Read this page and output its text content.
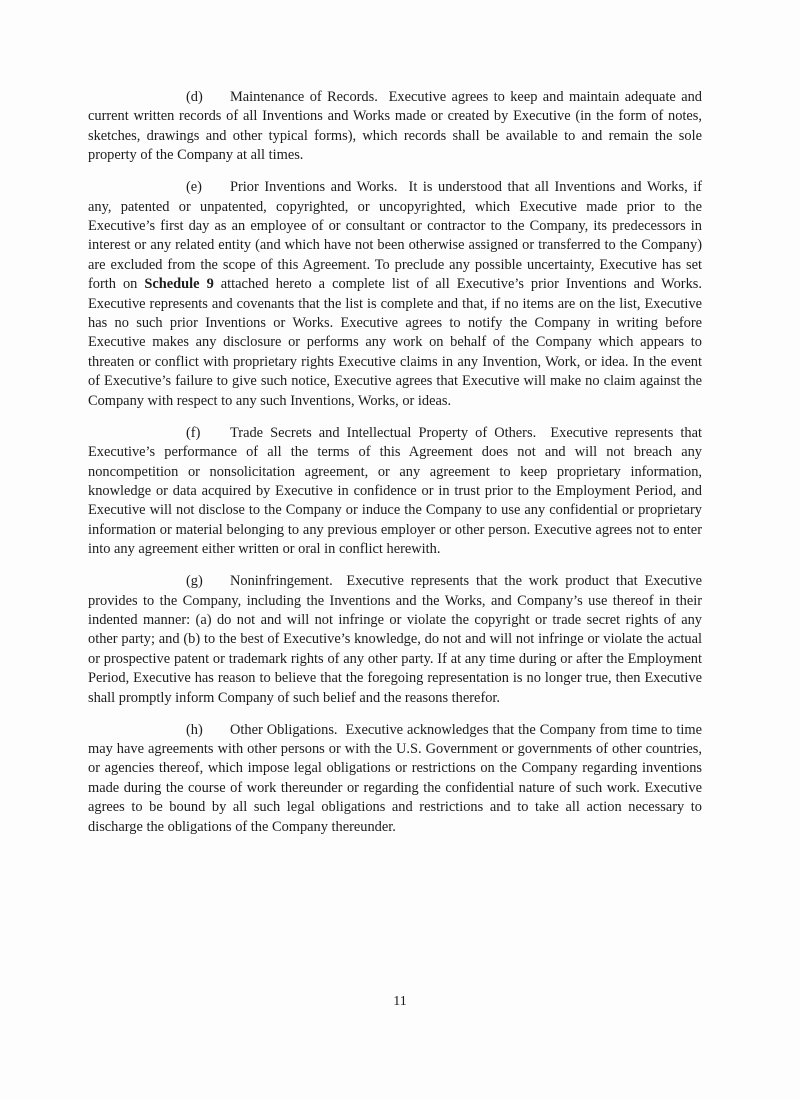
(d) Maintenance of Records. Executive agrees to keep and maintain adequate and current written records of all Inventions and Works made or created by Executive (in the form of notes, sketches, drawings and other typical forms), which records shall be available to and remain the sole property of the Company at all times.

(e) Prior Inventions and Works. It is understood that all Inventions and Works, if any, patented or unpatented, copyrighted, or uncopyrighted, which Executive made prior to the Executive’s first day as an employee of or consultant or contractor to the Company, its predecessors in interest or any related entity (and which have not been otherwise assigned or transferred to the Company) are excluded from the scope of this Agreement. To preclude any possible uncertainty, Executive has set forth on Schedule 9 attached hereto a complete list of all Executive’s prior Inventions and Works. Executive represents and covenants that the list is complete and that, if no items are on the list, Executive has no such prior Inventions or Works. Executive agrees to notify the Company in writing before Executive makes any disclosure or performs any work on behalf of the Company which appears to threaten or conflict with proprietary rights Executive claims in any Invention, Work, or idea. In the event of Executive’s failure to give such notice, Executive agrees that Executive will make no claim against the Company with respect to any such Inventions, Works, or ideas.

(f) Trade Secrets and Intellectual Property of Others. Executive represents that Executive’s performance of all the terms of this Agreement does not and will not breach any noncompetition or nonsolicitation agreement, or any agreement to keep proprietary information, knowledge or data acquired by Executive in confidence or in trust prior to the Employment Period, and Executive will not disclose to the Company or induce the Company to use any confidential or proprietary information or material belonging to any previous employer or other person. Executive agrees not to enter into any agreement either written or oral in conflict herewith.

(g) Noninfringement. Executive represents that the work product that Executive provides to the Company, including the Inventions and the Works, and Company’s use thereof in their indented manner: (a) do not and will not infringe or violate the copyright or trade secret rights of any other party; and (b) to the best of Executive’s knowledge, do not and will not infringe or violate the actual or prospective patent or trademark rights of any other party. If at any time during or after the Employment Period, Executive has reason to believe that the foregoing representation is no longer true, then Executive shall promptly inform Company of such belief and the reasons therefor.

(h) Other Obligations. Executive acknowledges that the Company from time to time may have agreements with other persons or with the U.S. Government or governments of other countries, or agencies thereof, which impose legal obligations or restrictions on the Company regarding inventions made during the course of work thereunder or regarding the confidential nature of such work. Executive agrees to be bound by all such legal obligations and restrictions and to take all action necessary to discharge the obligations of the Company thereunder.

11
